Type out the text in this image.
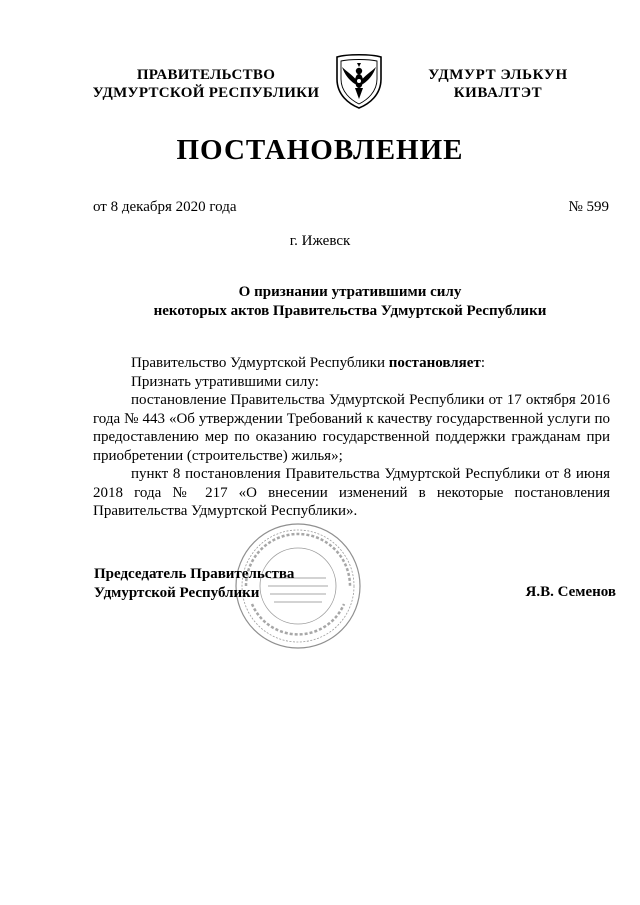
ПРАВИТЕЛЬСТВО
УДМУРТСКОЙ РЕСПУБЛИКИ
УДМУРТ ЭЛЬКУН
КИВАЛТЭТ
ПОСТАНОВЛЕНИЕ
от 8 декабря 2020 года	№ 599
г. Ижевск
О признании утратившими силу
некоторых актов Правительства Удмуртской Республики

Правительство Удмуртской Республики постановляет:

Признать утратившими силу:

постановление Правительства Удмуртской Республики от 17 октября 2016 года № 443 «Об утверждении Требований к качеству государственной услуги по предоставлению мер по оказанию государственной поддержки гражданам при приобретении (строительстве) жилья»;

пункт 8 постановления Правительства Удмуртской Республики от 8 июня 2018 года № 217 «О внесении изменений в некоторые постановления Правительства Удмуртской Республики».

Председатель Правительства
Удмуртской Республики	Я.В. Семенов
